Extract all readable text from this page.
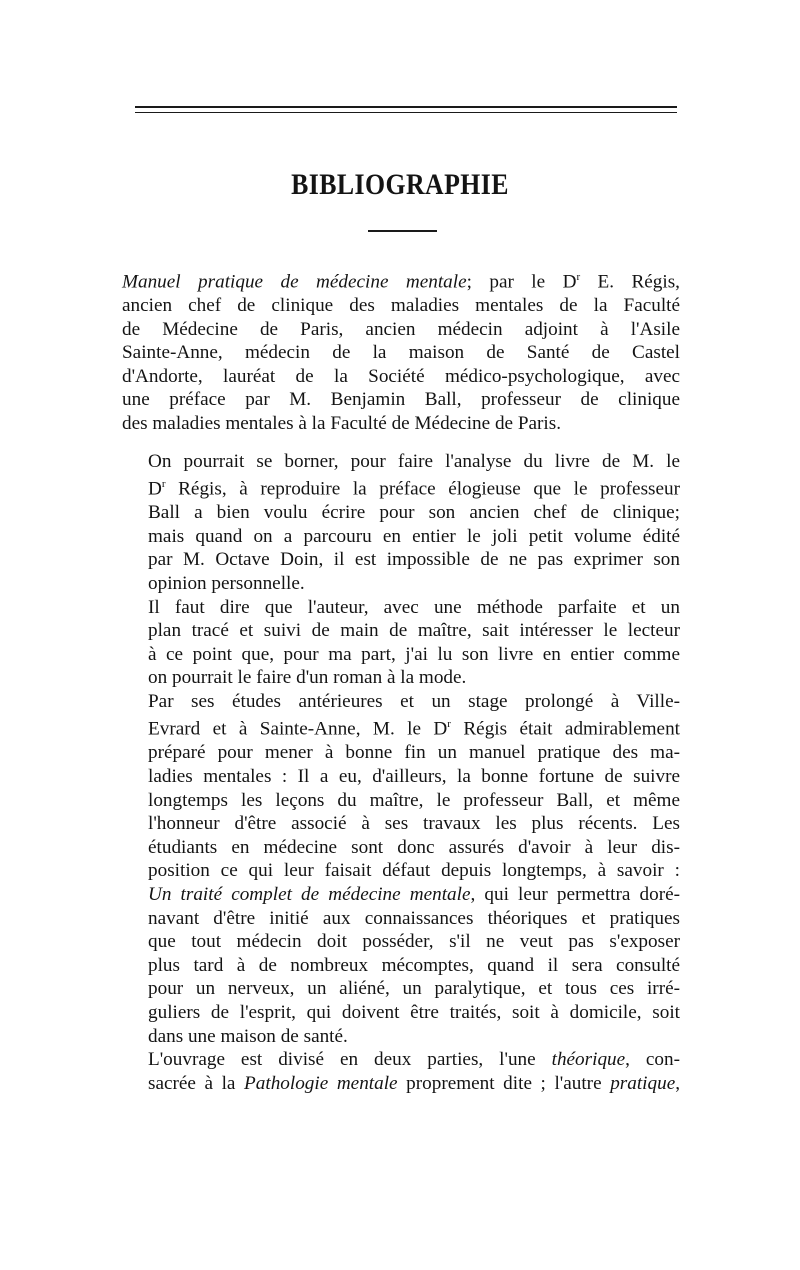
BIBLIOGRAPHIE

Manuel pratique de médecine mentale; par le $D^r$ E. Régis,
ancien chef de clinique des maladies mentales de la Faculté
de Médecine de Paris, ancien médecin adjoint à l'Asile
Sainte-Anne, médecin de la maison de Santé de Castel
d'Andorte, lauréat de la Société médico-psychologique, avec
une préface par M. Benjamin Ball, professeur de clinique
des maladies mentales à la Faculté de Médecine de Paris.

On pourrait se borner, pour faire l'analyse du livre de M. le
$D^r$ Régis, à reproduire la préface élogieuse que le professeur
Ball a bien voulu écrire pour son ancien chef de clinique;
mais quand on a parcouru en entier le joli petit volume édité
par M. Octave Doin, il est impossible de ne pas exprimer son
opinion personnelle.

Il faut dire que l'auteur, avec une méthode parfaite et un
plan tracé et suivi de main de maître, sait intéresser le lecteur
à ce point que, pour ma part, j'ai lu son livre en entier comme
on pourrait le faire d'un roman à la mode.

Par ses études antérieures et un stage prolongé à Ville-
Evrard et à Sainte-Anne, M. le $D^r$ Régis était admirablement
préparé pour mener à bonne fin un manuel pratique des ma-
ladies mentales : Il a eu, d'ailleurs, la bonne fortune de suivre
longtemps les leçons du maître, le professeur Ball, et même
l'honneur d'être associé à ses travaux les plus récents. Les
étudiants en médecine sont donc assurés d'avoir à leur dis-
position ce qui leur faisait défaut depuis longtemps, à savoir :
Un traité complet de médecine mentale, qui leur permettra doré-
navant d'être initié aux connaissances théoriques et pratiques
que tout médecin doit posséder, s'il ne veut pas s'exposer
plus tard à de nombreux mécomptes, quand il sera consulté
pour un nerveux, un aliéné, un paralytique, et tous ces irré-
guliers de l'esprit, qui doivent être traités, soit à domicile, soit
dans une maison de santé.

L'ouvrage est divisé en deux parties, l'une théorique, con-
sacrée à la Pathologie mentale proprement dite ; l'autre pratique,
